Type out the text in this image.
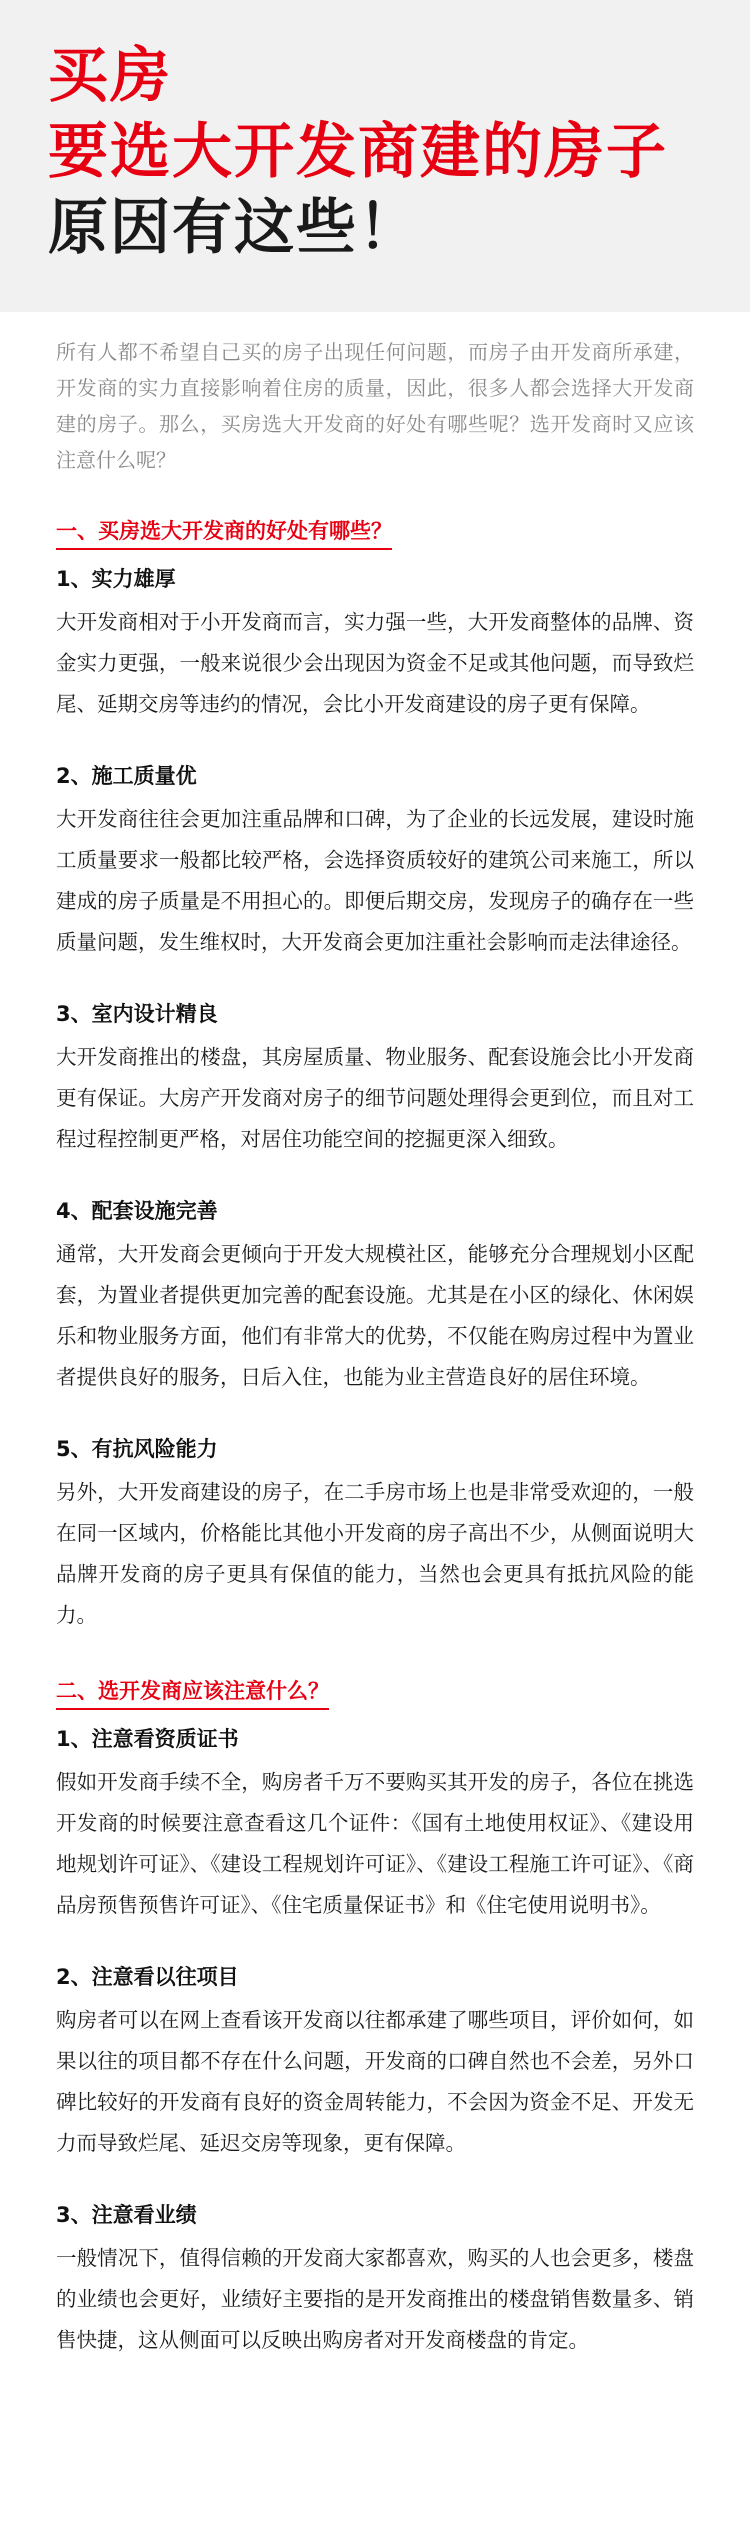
买房
要选大开发商建的房子
原因有这些！

所有人都不希望自己买的房子出现任何问题，而房子由开发商所承建，开发商的实力直接影响着住房的质量，因此，很多人都会选择大开发商建的房子。那么，买房选大开发商的好处有哪些呢？选开发商时又应该注意什么呢？

一、买房选大开发商的好处有哪些？
1、实力雄厚

大开发商相对于小开发商而言，实力强一些，大开发商整体的品牌、资金实力更强，一般来说很少会出现因为资金不足或其他问题，而导致烂尾、延期交房等违约的情况，会比小开发商建设的房子更有保障。

2、施工质量优

大开发商往往会更加注重品牌和口碑，为了企业的长远发展，建设时施工质量要求一般都比较严格，会选择资质较好的建筑公司来施工，所以建成的房子质量是不用担心的。即便后期交房，发现房子的确存在一些质量问题，发生维权时，大开发商会更加注重社会影响而走法律途径。

3、室内设计精良

大开发商推出的楼盘，其房屋质量、物业服务、配套设施会比小开发商更有保证。大房产开发商对房子的细节问题处理得会更到位，而且对工程过程控制更严格，对居住功能空间的挖掘更深入细致。

4、配套设施完善

通常，大开发商会更倾向于开发大规模社区，能够充分合理规划小区配套，为置业者提供更加完善的配套设施。尤其是在小区的绿化、休闲娱乐和物业服务方面，他们有非常大的优势，不仅能在购房过程中为置业者提供良好的服务，日后入住，也能为业主营造良好的居住环境。

5、有抗风险能力

另外，大开发商建设的房子，在二手房市场上也是非常受欢迎的，一般在同一区域内，价格能比其他小开发商的房子高出不少，从侧面说明大品牌开发商的房子更具有保值的能力，当然也会更具有抵抗风险的能力。

二、选开发商应该注意什么？
1、注意看资质证书

假如开发商手续不全，购房者千万不要购买其开发的房子，各位在挑选开发商的时候要注意查看这几个证件：《国有土地使用权证》、《建设用地规划许可证》、《建设工程规划许可证》、《建设工程施工许可证》、《商品房预售预售许可证》、《住宅质量保证书》和《住宅使用说明书》。

2、注意看以往项目

购房者可以在网上查看该开发商以往都承建了哪些项目，评价如何，如果以往的项目都不存在什么问题，开发商的口碑自然也不会差，另外口碑比较好的开发商有良好的资金周转能力，不会因为资金不足、开发无力而导致烂尾、延迟交房等现象，更有保障。

3、注意看业绩

一般情况下，值得信赖的开发商大家都喜欢，购买的人也会更多，楼盘的业绩也会更好，业绩好主要指的是开发商推出的楼盘销售数量多、销售快捷，这从侧面可以反映出购房者对开发商楼盘的肯定。
